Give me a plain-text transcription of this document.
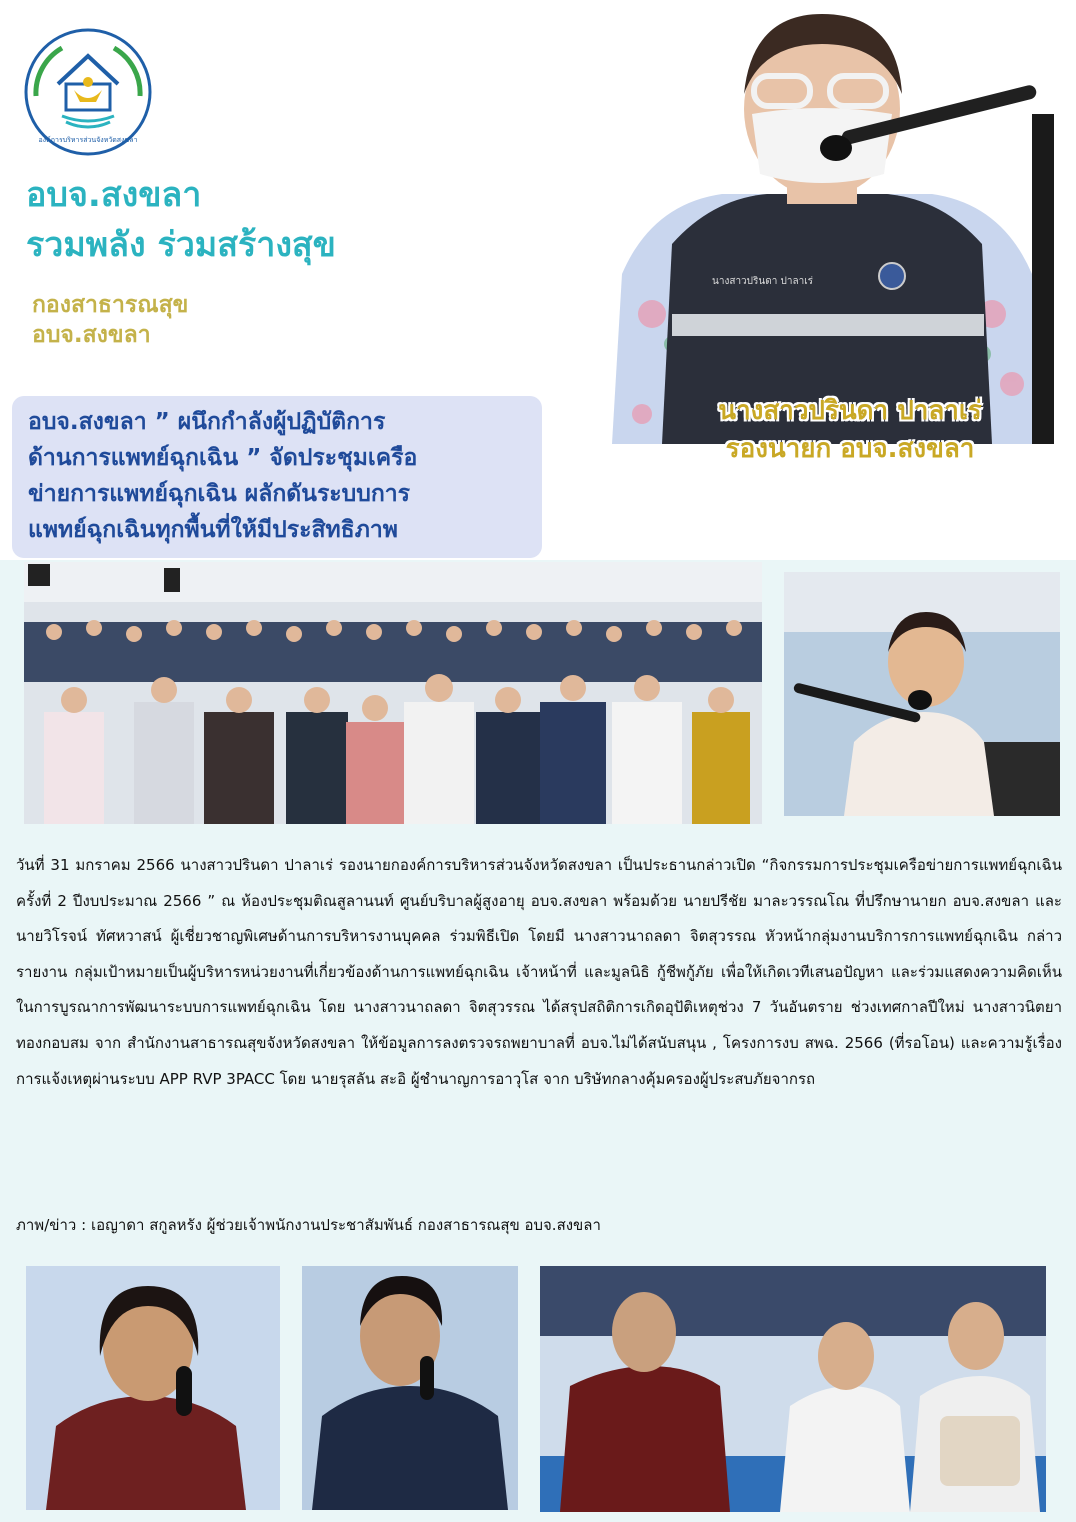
องค์การบริหารส่วนจังหวัดสงขลา
อบจ.สงขลา
รวมพลัง ร่วมสร้างสุข
กองสาธารณสุข
อบจ.สงขลา
นางสาวปรินดา ปาลาเร่
นางสาวปรินดา ปาลาเร่
รองนายก อบจ.สงขลา
อบจ.สงขลา ” ผนึกกำลังผู้ปฏิบัติการ
ด้านการแพทย์ฉุกเฉิน ” จัดประชุมเครือ
ข่ายการแพทย์ฉุกเฉิน ผลักดันระบบการ
แพทย์ฉุกเฉินทุกพื้นที่ให้มีประสิทธิภาพ
วันที่ 31 มกราคม 2566 นางสาวปรินดา ปาลาเร่ รองนายกองค์การบริหารส่วนจังหวัดสงขลา เป็นประธานกล่าวเปิด “กิจกรรมการประชุมเครือข่ายการแพทย์ฉุกเฉิน ครั้งที่ 2 ปีงบประมาณ 2566 ” ณ ห้องประชุมติณสูลานนท์ ศูนย์บริบาลผู้สูงอายุ อบจ.สงขลา พร้อมด้วย นายปรีชัย มาละวรรณโณ ที่ปรึกษานายก อบจ.สงขลา และ นายวิโรจน์ ทัศหวาสน์ ผู้เชี่ยวชาญพิเศษด้านการบริหารงานบุคคล ร่วมพิธีเปิด โดยมี นางสาวนาถลดา จิตสุวรรณ หัวหน้ากลุ่มงานบริการการแพทย์ฉุกเฉิน กล่าวรายงาน กลุ่มเป้าหมายเป็นผู้บริหารหน่วยงานที่เกี่ยวข้องด้านการแพทย์ฉุกเฉิน เจ้าหน้าที่ และมูลนิธิ กู้ชีพกู้ภัย เพื่อให้เกิดเวทีเสนอปัญหา และร่วมแสดงความคิดเห็นในการบูรณาการพัฒนาระบบการแพทย์ฉุกเฉิน โดย นางสาวนาถลดา จิตสุวรรณ ได้สรุปสถิติการเกิดอุปัติเหตุช่วง 7 วันอันตราย ช่วงเทศกาลปีใหม่ นางสาวนิตยา ทองกอบสม จาก สำนักงานสาธารณสุขจังหวัดสงขลา ให้ข้อมูลการลงตรวจรถพยาบาลที่ อบจ.ไม่ได้สนับสนุน , โครงการงบ สพฉ. 2566 (ที่รอโอน) และความรู้เรื่องการแจ้งเหตุผ่านระบบ APP RVP 3PACC โดย นายรุสลัน สะอิ ผู้ชำนาญการอาวุโส จาก บริษัทกลางคุ้มครองผู้ประสบภัยจากรถ
ภาพ/ข่าว : เอญาดา สกูลหรัง ผู้ช่วยเจ้าพนักงานประชาสัมพันธ์ กองสาธารณสุข อบจ.สงขลา
